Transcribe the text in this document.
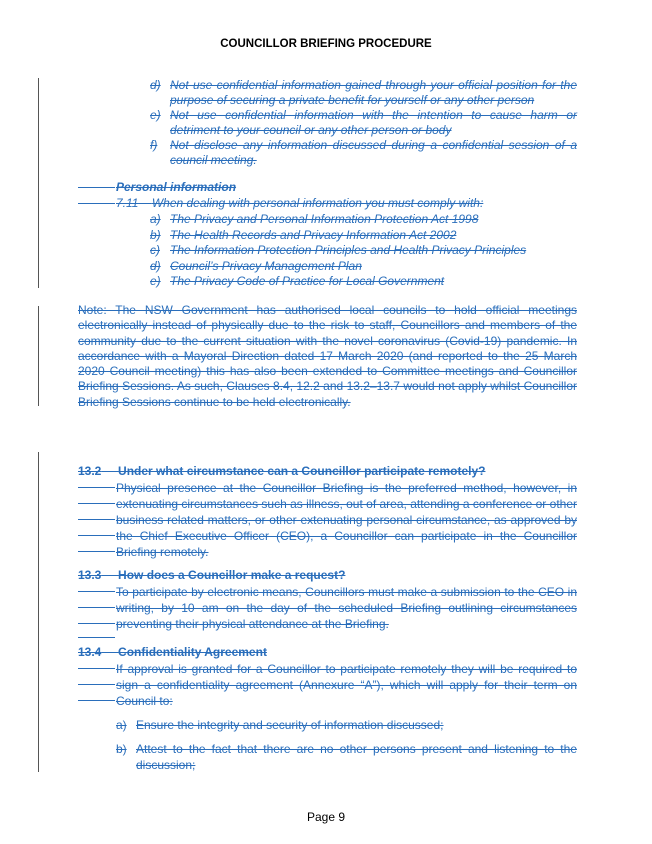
COUNCILLOR BRIEFING PROCEDURE
d) Not use confidential information gained through your official position for the purpose of securing a private benefit for yourself or any other person
e) Not use confidential information with the intention to cause harm or detriment to your council or any other person or body
f)	Not disclose any information discussed during a confidential session of a council meeting.
Personal information
7.11 When dealing with personal information you must comply with:
a) The Privacy and Personal Information Protection Act 1998
b) The Health Records and Privacy Information Act 2002
c) The Information Protection Principles and Health Privacy Principles
d) Council’s Privacy Management Plan
e) The Privacy Code of Practice for Local Government
Note: The NSW Government has authorised local councils to hold official meetings electronically instead of physically due to the risk to staff, Councillors and members of the community due to the current situation with the novel coronavirus (Covid-19) pandemic. In accordance with a Mayoral Direction dated 17 March 2020 (and reported to the 25 March 2020 Council meeting) this has also been extended to Committee meetings and Councillor Briefing Sessions. As such, Clauses 8.4, 12.2 and 13.2–13.7 would not apply whilst Councillor Briefing Sessions continue to be held electronically.
13.2 Under what circumstance can a Councillor participate remotely?
Physical presence at the Councillor Briefing is the preferred method, however, in extenuating circumstances such as illness, out of area, attending a conference or other business related matters, or other extenuating personal circumstance, as approved by the Chief Executive Officer (CEO), a Councillor can participate in the Councillor Briefing remotely.
13.3 How does a Councillor make a request?
To participate by electronic means, Councillors must make a submission to the CEO in writing, by 10 am on the day of the scheduled Briefing outlining circumstances preventing their physical attendance at the Briefing.
13.4 Confidentiality Agreement
If approval is granted for a Councillor to participate remotely they will be required to sign a confidentiality agreement (Annexure “A”), which will apply for their term on Council to:
a) Ensure the integrity and security of information discussed;
b) Attest to the fact that there are no other persons present and listening to the discussion;
Page 9
